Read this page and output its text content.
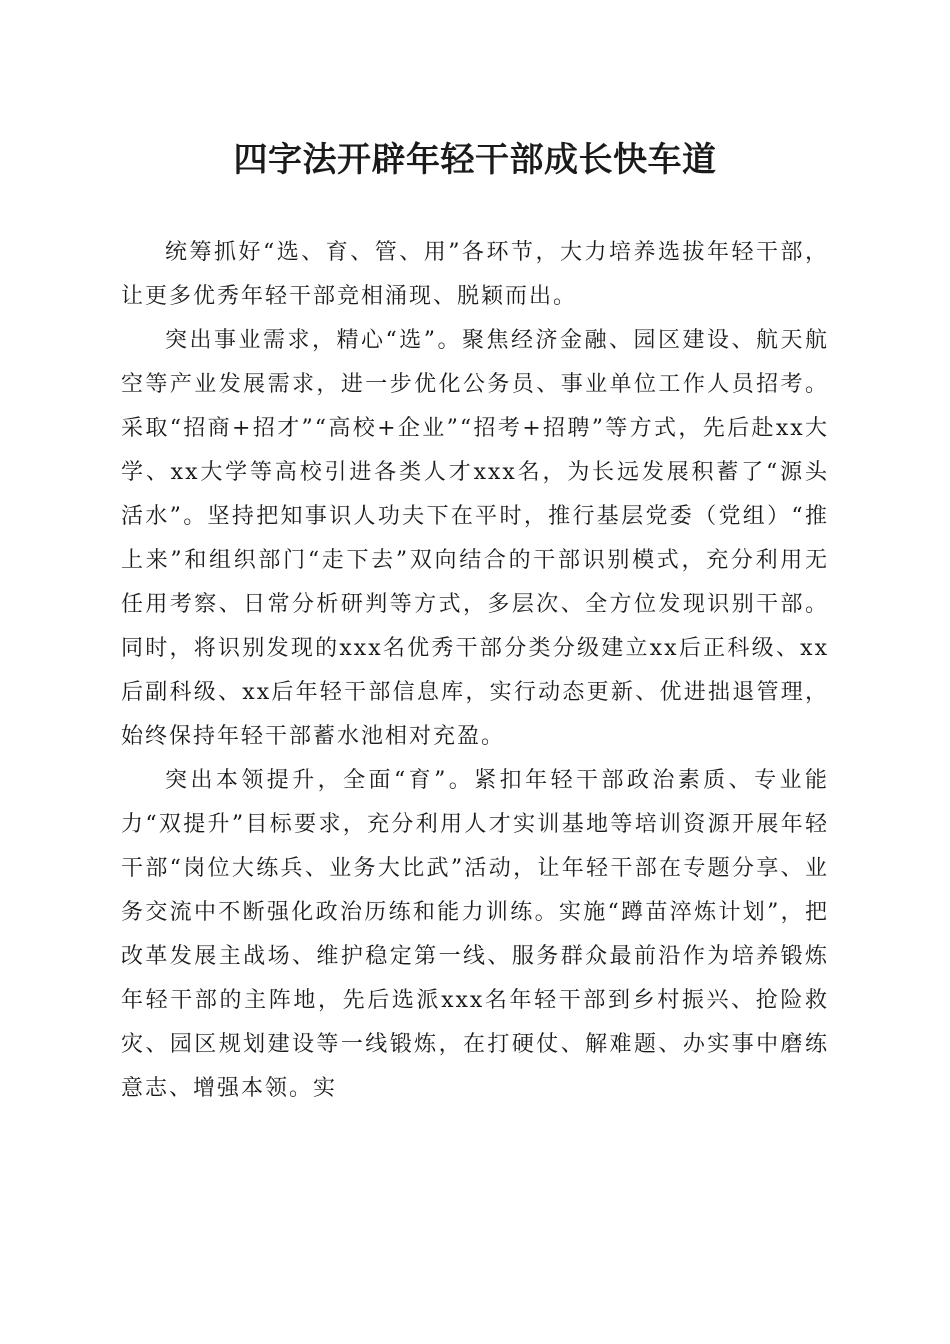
四字法开辟年轻干部成长快车道

统筹抓好“选、育、管、用”各环节，大力培养选拔年轻干部，让更多优秀年轻干部竞相涌现、脱颖而出。

突出事业需求，精心“选”。聚焦经济金融、园区建设、航天航空等产业发展需求，进一步优化公务员、事业单位工作人员招考。采取“招商+招才”“高校+企业”“招考+招聘”等方式，先后赴xx大学、xx大学等高校引进各类人才xxx名，为长远发展积蓄了“源头活水”。坚持把知事识人功夫下在平时，推行基层党委（党组）“推上来”和组织部门“走下去”双向结合的干部识别模式，充分利用无任用考察、日常分析研判等方式，多层次、全方位发现识别干部。同时，将识别发现的xxx名优秀干部分类分级建立xx后正科级、xx后副科级、xx后年轻干部信息库，实行动态更新、优进拙退管理，始终保持年轻干部蓄水池相对充盈。

突出本领提升，全面“育”。紧扣年轻干部政治素质、专业能力“双提升”目标要求，充分利用人才实训基地等培训资源开展年轻干部“岗位大练兵、业务大比武”活动，让年轻干部在专题分享、业务交流中不断强化政治历练和能力训练。实施“蹲苗淬炼计划”，把改革发展主战场、维护稳定第一线、服务群众最前沿作为培养锻炼年轻干部的主阵地，先后选派xxx名年轻干部到乡村振兴、抢险救灾、园区规划建设等一线锻炼，在打硬仗、解难题、办实事中磨练意志、增强本领。实
